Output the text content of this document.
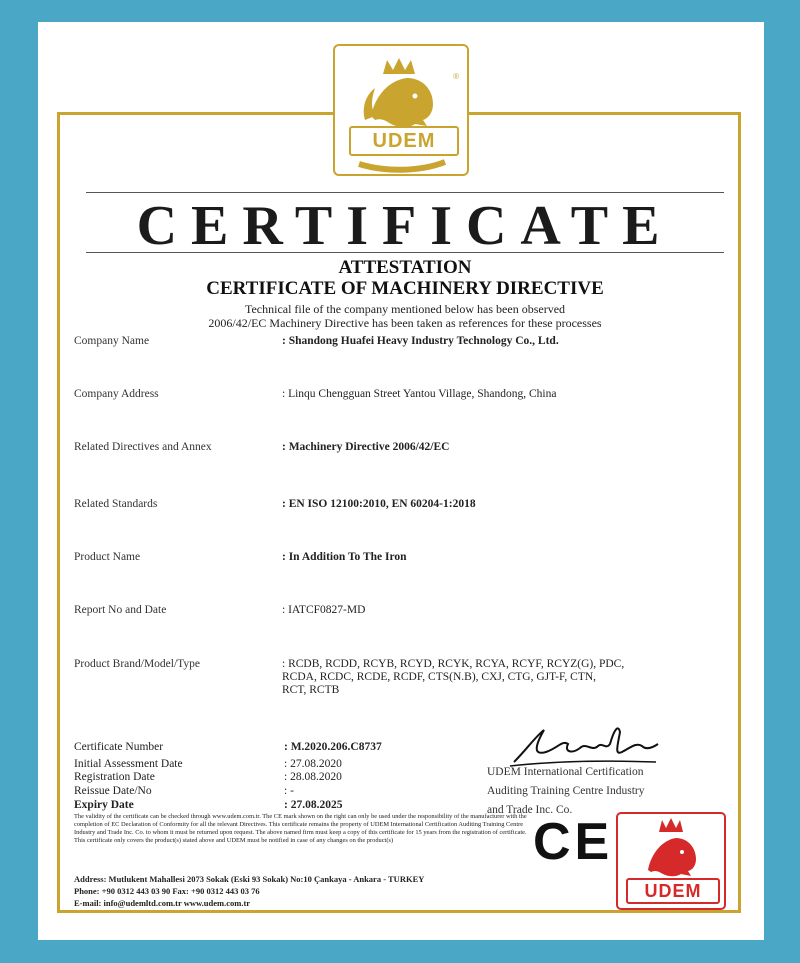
®
UDEM
CERTIFICATE
ATTESTATION
CERTIFICATE OF MACHINERY DIRECTIVE
Technical file of the company mentioned below has been observed
2006/42/EC Machinery Directive has been taken as references for these processes
Company Name	: Shandong Huafei Heavy Industry Technology Co., Ltd.
Company Address	: Linqu Chengguan Street Yantou Village, Shandong, China
Related Directives and Annex	: Machinery Directive 2006/42/EC
Related Standards	: EN ISO 12100:2010, EN 60204-1:2018
Product Name	: In Addition To The Iron
Report No and Date	: IATCF0827-MD
Product Brand/Model/Type	: RCDB, RCDD, RCYB, RCYD, RCYK, RCYA, RCYF, RCYZ(G), PDC,
RCDA, RCDC, RCDE, RCDF, CTS(N.B), CXJ, CTG, GJT-F, CTN,
RCT, RCTB
Certificate Number	: M.2020.206.C8737
Initial Assessment Date	: 27.08.2020
Registration Date	: 28.08.2020
Reissue Date/No	: -
Expiry Date	: 27.08.2025
The validity of the certificate can be checked through www.udem.com.tr. The CE mark shown on the right can only be used under the responsibility of the manufacturer with the completion of EC Declaration of Conformity for all the relevant Directives. This certificate remains the property of UDEM International Certification Auditing Training Centre Industry and Trade Inc. Co. to whom it must be returned upon request. The above named firm must keep a copy of this certificate for 15 years from the registration of certificate. This certificate only covers the product(s) stated above and UDEM must be notified in case of any changes on the product(s)
Address: Mutlukent Mahallesi 2073 Sokak (Eski 93 Sokak) No:10 Çankaya - Ankara - TURKEY
Phone: +90 0312 443 03 90 Fax: +90 0312 443 03 76
E-mail: info@udemltd.com.tr www.udem.com.tr
UDEM International Certification
Auditing Training Centre Industry
and Trade Inc. Co.
CE
UDEM
